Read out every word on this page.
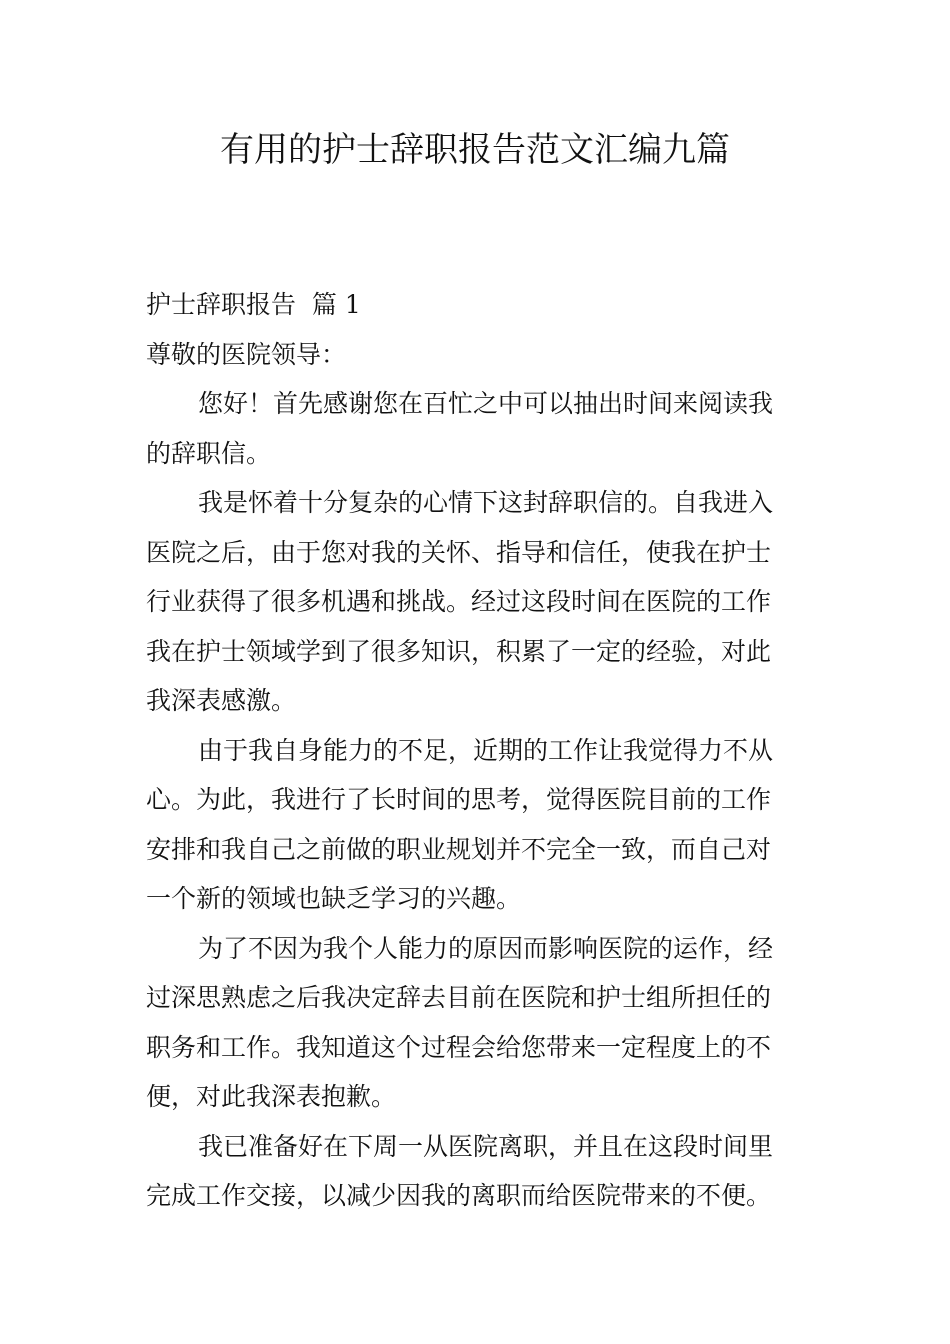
有用的护士辞职报告范文汇编九篇
护士辞职报告  篇 1
尊敬的医院领导：
您好！首先感谢您在百忙之中可以抽出时间来阅读我
的辞职信。
我是怀着十分复杂的心情下这封辞职信的。自我进入
医院之后，由于您对我的关怀、指导和信任，使我在护士
行业获得了很多机遇和挑战。经过这段时间在医院的工作
我在护士领域学到了很多知识，积累了一定的经验，对此
我深表感激。
由于我自身能力的不足，近期的工作让我觉得力不从
心。为此，我进行了长时间的思考，觉得医院目前的工作
安排和我自己之前做的职业规划并不完全一致，而自己对
一个新的领域也缺乏学习的兴趣。
为了不因为我个人能力的原因而影响医院的运作，经
过深思熟虑之后我决定辞去目前在医院和护士组所担任的
职务和工作。我知道这个过程会给您带来一定程度上的不
便，对此我深表抱歉。
我已准备好在下周一从医院离职，并且在这段时间里
完成工作交接，以减少因我的离职而给医院带来的不便。
